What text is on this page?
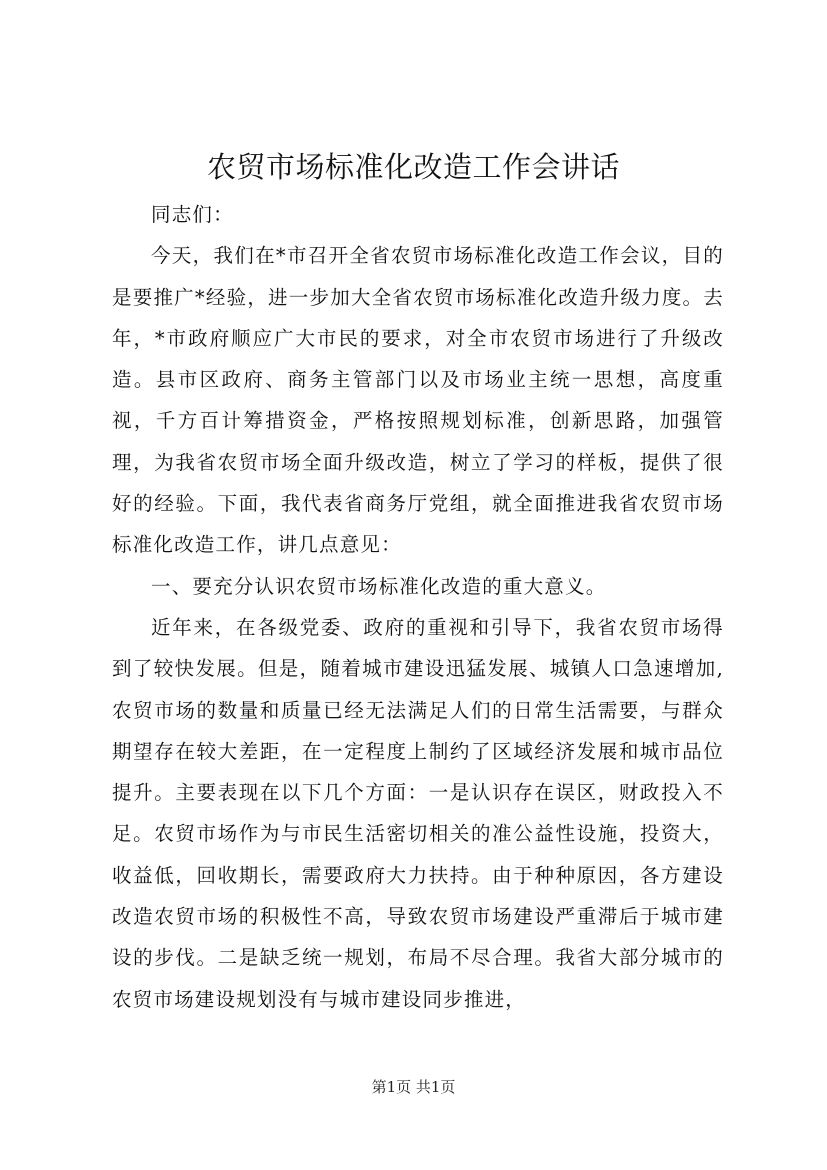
农贸市场标准化改造工作会讲话

同志们：

今天，我们在*市召开全省农贸市场标准化改造工作会议，目的是要推广*经验，进一步加大全省农贸市场标准化改造升级力度。去年，*市政府顺应广大市民的要求，对全市农贸市场进行了升级改造。县市区政府、商务主管部门以及市场业主统一思想，高度重视，千方百计筹措资金，严格按照规划标准，创新思路，加强管理，为我省农贸市场全面升级改造，树立了学习的样板，提供了很好的经验。下面，我代表省商务厅党组，就全面推进我省农贸市场标准化改造工作，讲几点意见：

一、要充分认识农贸市场标准化改造的重大意义。

近年来，在各级党委、政府的重视和引导下，我省农贸市场得到了较快发展。但是，随着城市建设迅猛发展、城镇人口急速增加,农贸市场的数量和质量已经无法满足人们的日常生活需要，与群众期望存在较大差距，在一定程度上制约了区域经济发展和城市品位提升。主要表现在以下几个方面：一是认识存在误区，财政投入不足。农贸市场作为与市民生活密切相关的准公益性设施，投资大，收益低，回收期长，需要政府大力扶持。由于种种原因，各方建设改造农贸市场的积极性不高，导致农贸市场建设严重滞后于城市建设的步伐。二是缺乏统一规划，布局不尽合理。我省大部分城市的农贸市场建设规划没有与城市建设同步推进，

第1页 共1页
